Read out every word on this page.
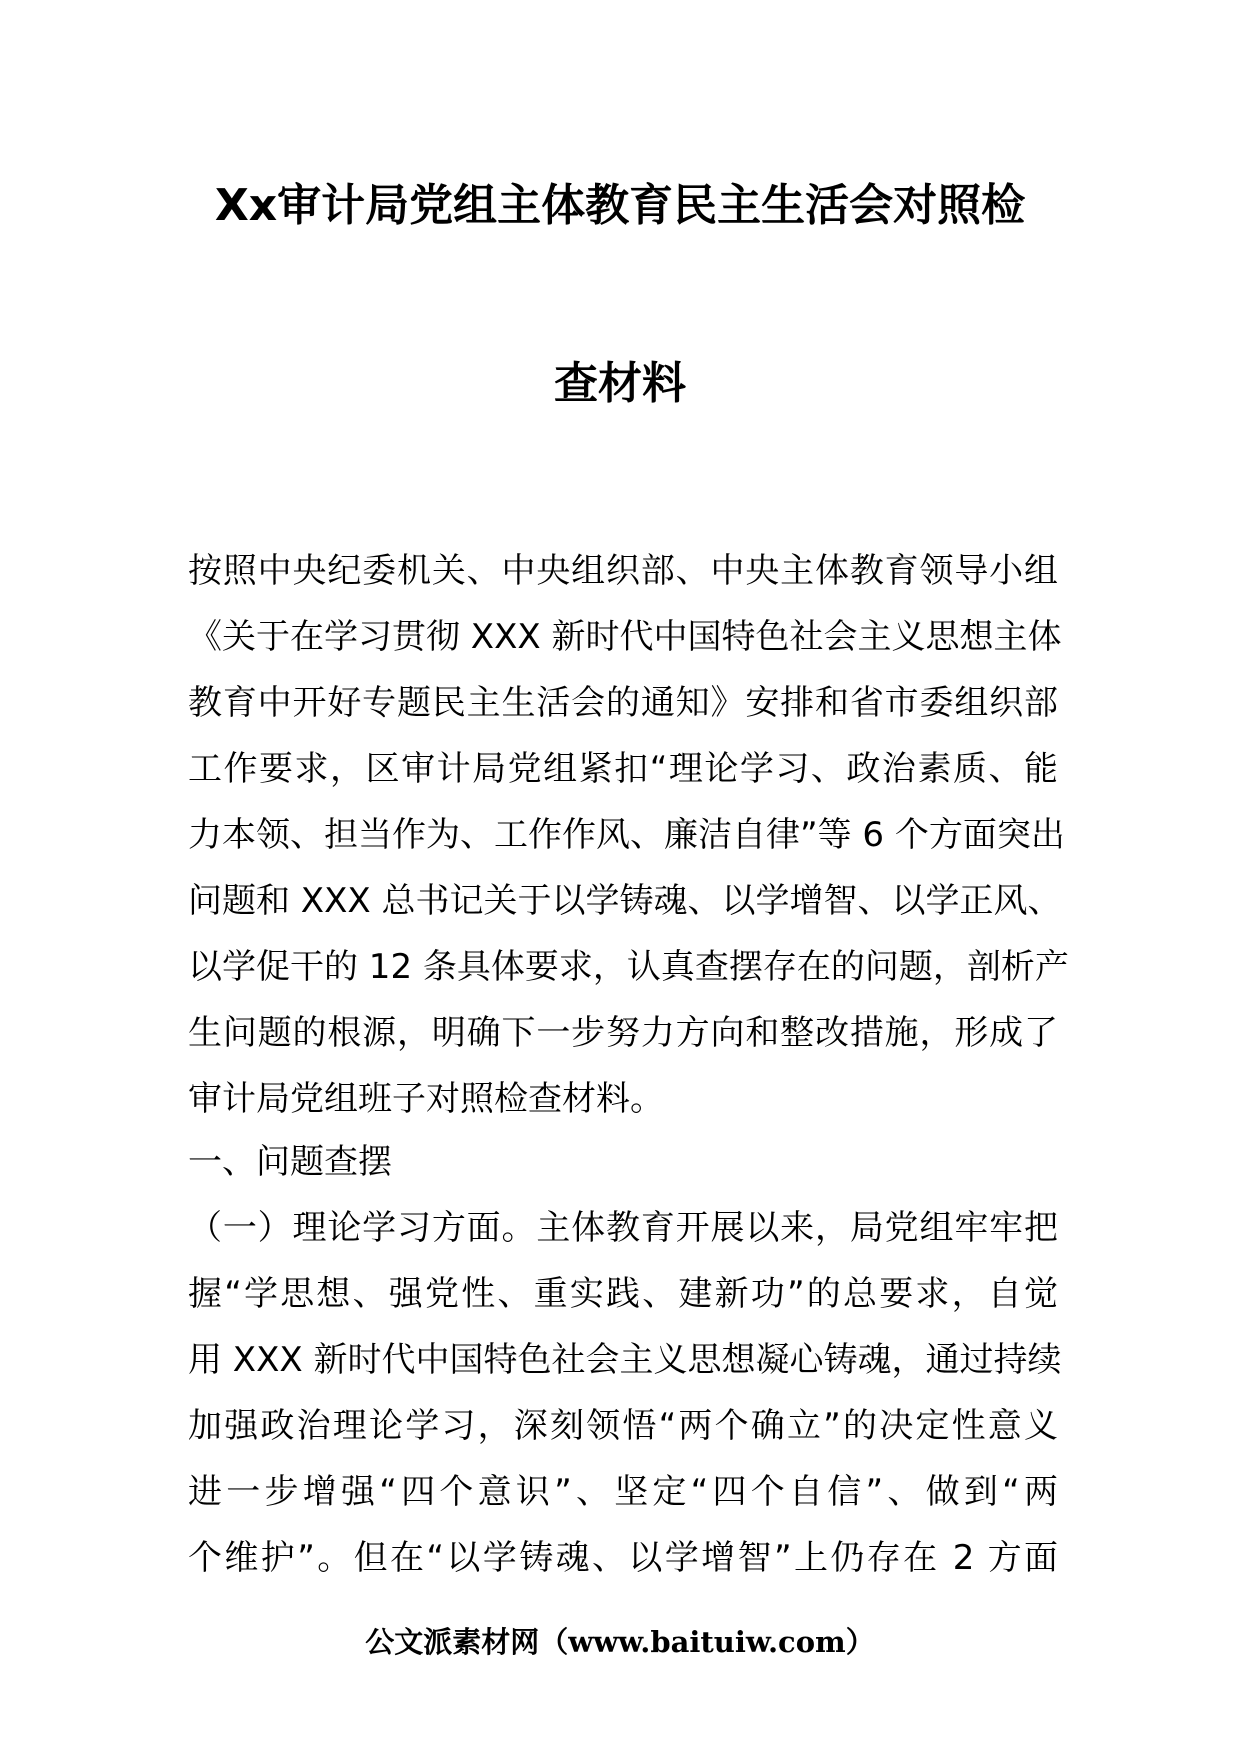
Xx审计局党组主体教育民主生活会对照检
查材料
按照中央纪委机关、中央组织部、中央主体教育领导小组
《关于在学习贯彻 XXX 新时代中国特色社会主义思想主体
教育中开好专题民主生活会的通知》安排和省市委组织部
工作要求，区审计局党组紧扣“理论学习、政治素质、能
力本领、担当作为、工作作风、廉洁自律”等 6 个方面突出
问题和 XXX 总书记关于以学铸魂、以学增智、以学正风、
以学促干的 12 条具体要求，认真查摆存在的问题，剖析产
生问题的根源，明确下一步努力方向和整改措施，形成了
审计局党组班子对照检查材料。
一、问题查摆
（一）理论学习方面。主体教育开展以来，局党组牢牢把
握“学思想、强党性、重实践、建新功”的总要求，自觉
用 XXX 新时代中国特色社会主义思想凝心铸魂，通过持续
加强政治理论学习，深刻领悟“两个确立”的决定性意义
进一步增强“四个意识”、坚定“四个自信”、做到“两
个维护”。但在“以学铸魂、以学增智”上仍存在 2 方面
公文派素材网（www.baituiw.com）
